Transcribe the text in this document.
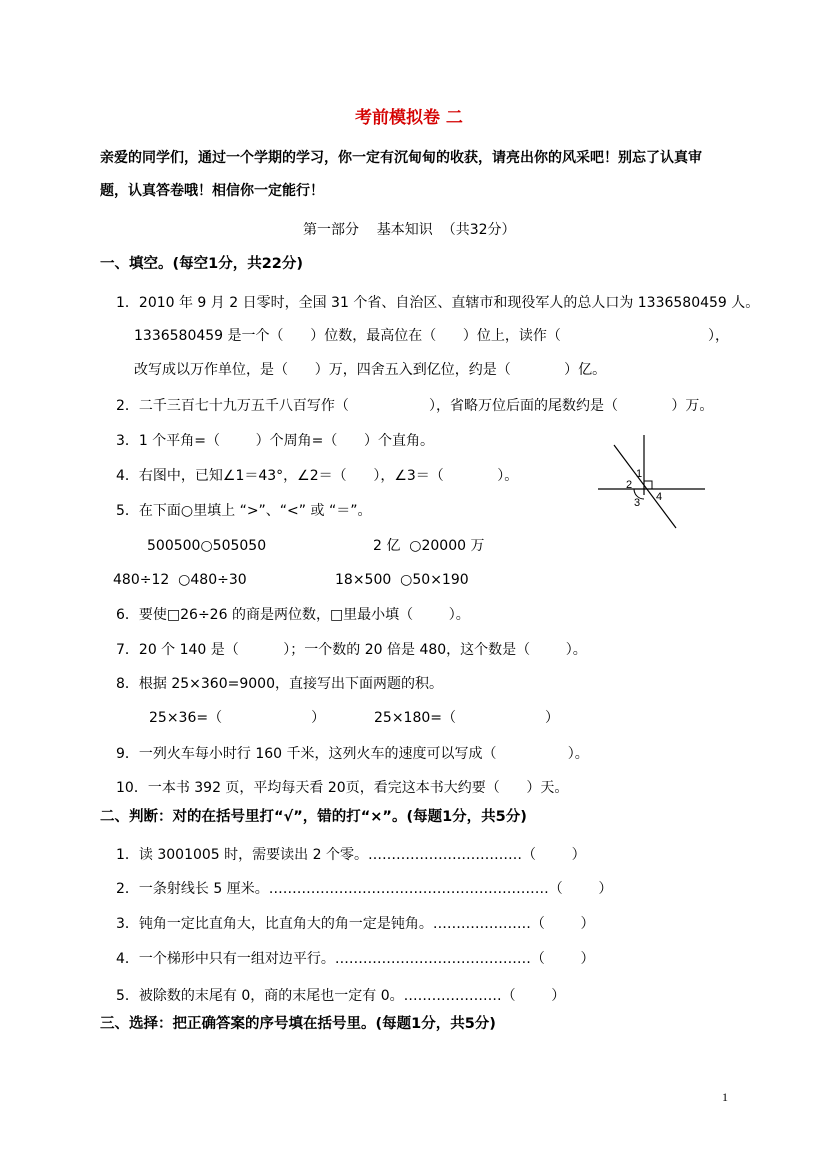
考前模拟卷 二
亲爱的同学们，通过一个学期的学习，你一定有沉甸甸的收获，请亮出你的风采吧！别忘了认真审
题，认真答卷哦！相信你一定能行！
第一部分    基本知识  （共32分）
一、填空。(每空1分，共22分)
1．2010 年 9 月 2 日零时，全国 31 个省、自治区、直辖市和现役军人的总人口为 1336580459 人。
1336580459 是一个（      ）位数，最高位在（      ）位上，读作（	），
改写成以万作单位，是（      ）万，四舍五入到亿位，约是（            ）亿。
2．二千三百七十九万五千八百写作（                  ），省略万位后面的尾数约是（            ）万。
3．1 个平角=（        ）个周角=（      ）个直角。
4．右图中，已知∠1＝43°，∠2＝（      ），∠3＝（            ）。
5．在下面○里填上 “>”、“<” 或 “＝”。
500500○505050	2 亿  ○20000 万
480÷12  ○480÷30	18×500  ○50×190
6．要使□26÷26 的商是两位数，□里最小填（        ）。
7．20 个 140 是（          ）；一个数的 20 倍是 480，这个数是（        ）。
8．根据 25×360=9000，直接写出下面两题的积。
25×36=（                    ）	25×180=（                    ）
9．一列火车每小时行 160 千米，这列火车的速度可以写成（                ）。
10．一本书 392 页，平均每天看 20页，看完这本书大约要（      ）天。
二、判断：对的在括号里打“√”，错的打“×”。(每题1分，共5分)
1．读 3001005 时，需要读出 2 个零。……………………………（        ）
2．一条射线长 5 厘米。……………………………………………………（        ）
3．钝角一定比直角大，比直角大的角一定是钝角。…………………（        ）
4．一个梯形中只有一组对边平行。……………………………………（        ）
5．被除数的末尾有 0，商的末尾也一定有 0。…………………（        ）
三、选择：把正确答案的序号填在括号里。(每题1分，共5分)
1
2
3 4
1
